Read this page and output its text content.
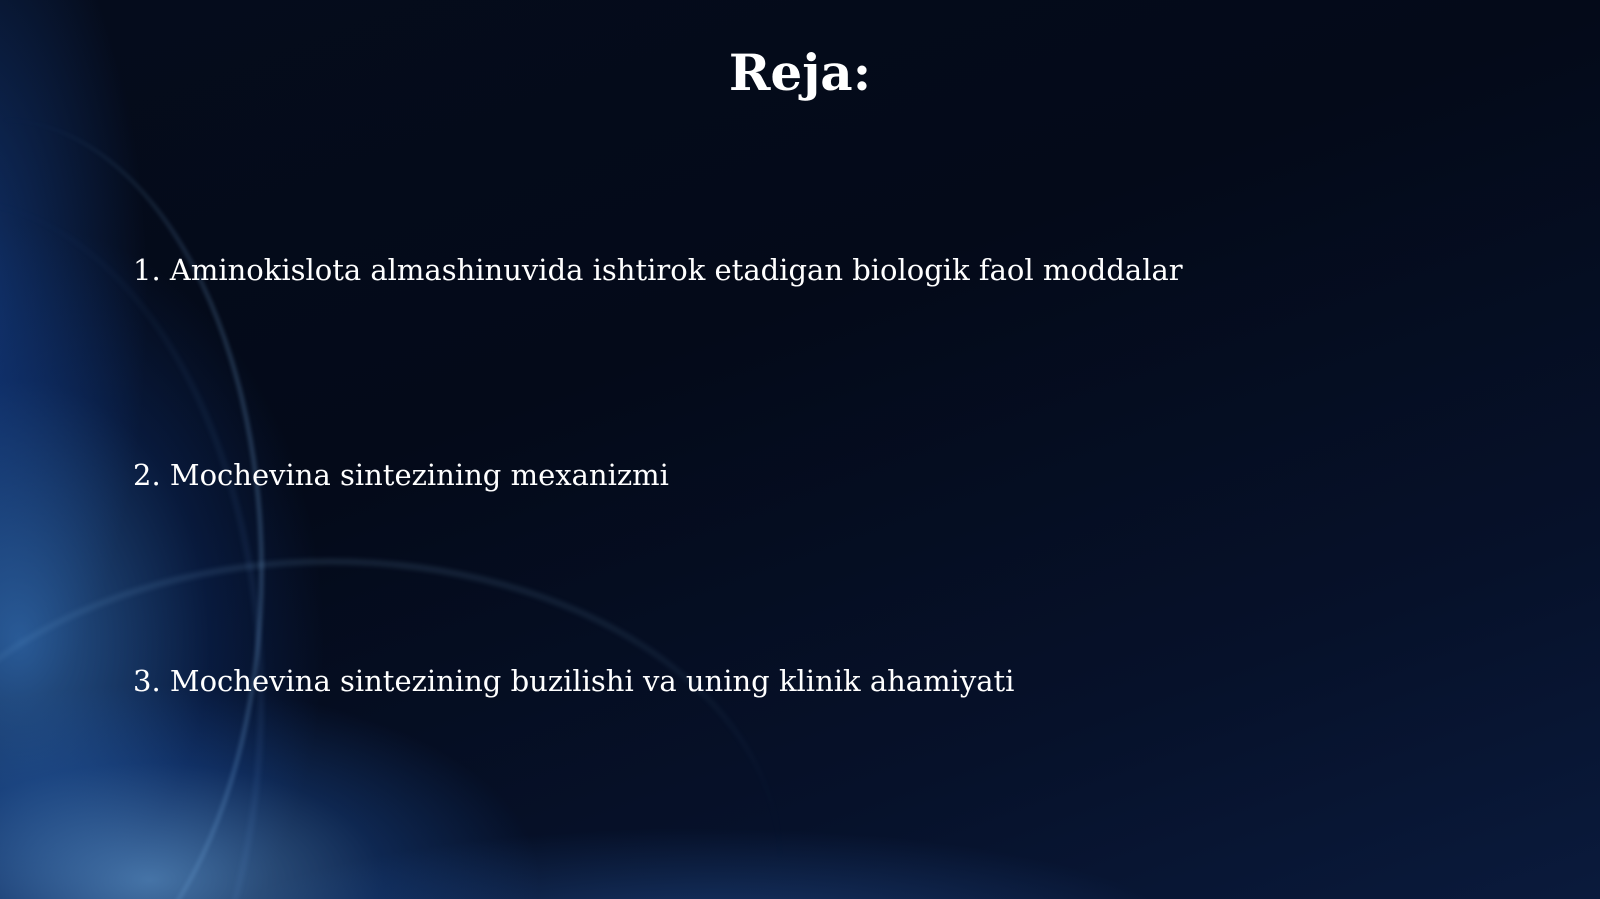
Reja:

1. Aminokislota almashinuvida ishtirok etadigan biologik faol moddalar

2. Mochevina sintezining mexanizmi

3. Mochevina sintezining buzilishi va uning klinik ahamiyati
